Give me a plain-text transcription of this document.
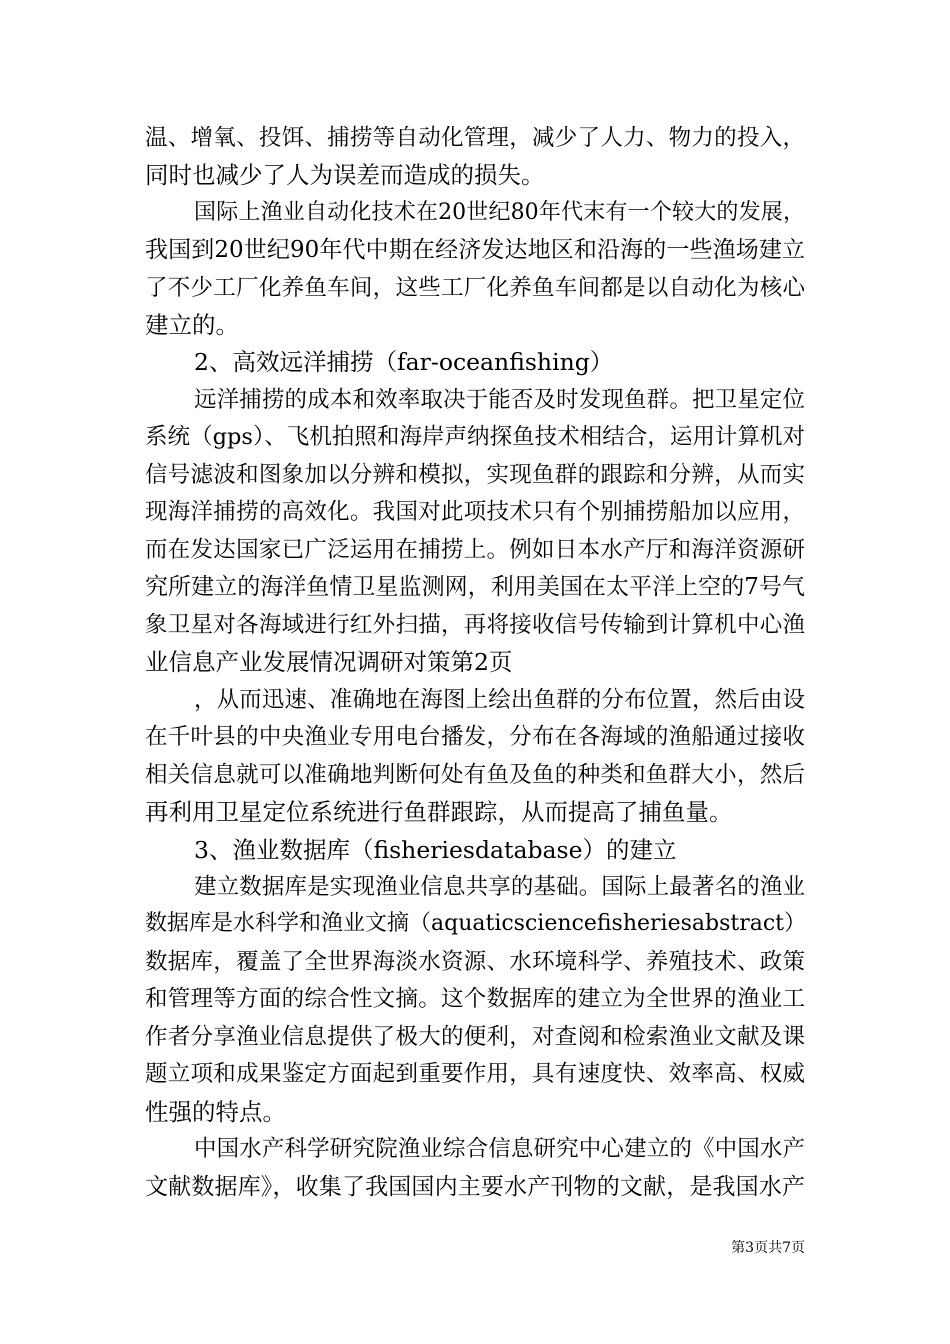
温、增氧、投饵、捕捞等自动化管理，减少了人力、物力的投入，
同时也减少了人为误差而造成的损失。
国际上渔业自动化技术在20世纪80年代末有一个较大的发展，
我国到20世纪90年代中期在经济发达地区和沿海的一些渔场建立
了不少工厂化养鱼车间，这些工厂化养鱼车间都是以自动化为核心
建立的。
2、高效远洋捕捞（far-oceanfishing）
远洋捕捞的成本和效率取决于能否及时发现鱼群。把卫星定位
系统（gps）、飞机拍照和海岸声纳探鱼技术相结合，运用计算机对
信号滤波和图象加以分辨和模拟，实现鱼群的跟踪和分辨，从而实
现海洋捕捞的高效化。我国对此项技术只有个别捕捞船加以应用，
而在发达国家已广泛运用在捕捞上。例如日本水产厅和海洋资源研
究所建立的海洋鱼情卫星监测网，利用美国在太平洋上空的7号气
象卫星对各海域进行红外扫描，再将接收信号传输到计算机中心渔
业信息产业发展情况调研对策第2页
，从而迅速、准确地在海图上绘出鱼群的分布位置，然后由设
在千叶县的中央渔业专用电台播发，分布在各海域的渔船通过接收
相关信息就可以准确地判断何处有鱼及鱼的种类和鱼群大小，然后
再利用卫星定位系统进行鱼群跟踪，从而提高了捕鱼量。
3、渔业数据库（fisheriesdatabase）的建立
建立数据库是实现渔业信息共享的基础。国际上最著名的渔业
数据库是水科学和渔业文摘（aquaticsciencefisheriesabstract）
数据库，覆盖了全世界海淡水资源、水环境科学、养殖技术、政策
和管理等方面的综合性文摘。这个数据库的建立为全世界的渔业工
作者分享渔业信息提供了极大的便利，对查阅和检索渔业文献及课
题立项和成果鉴定方面起到重要作用，具有速度快、效率高、权威
性强的特点。
中国水产科学研究院渔业综合信息研究中心建立的《中国水产
文献数据库》，收集了我国国内主要水产刊物的文献，是我国水产
第3页共7页
